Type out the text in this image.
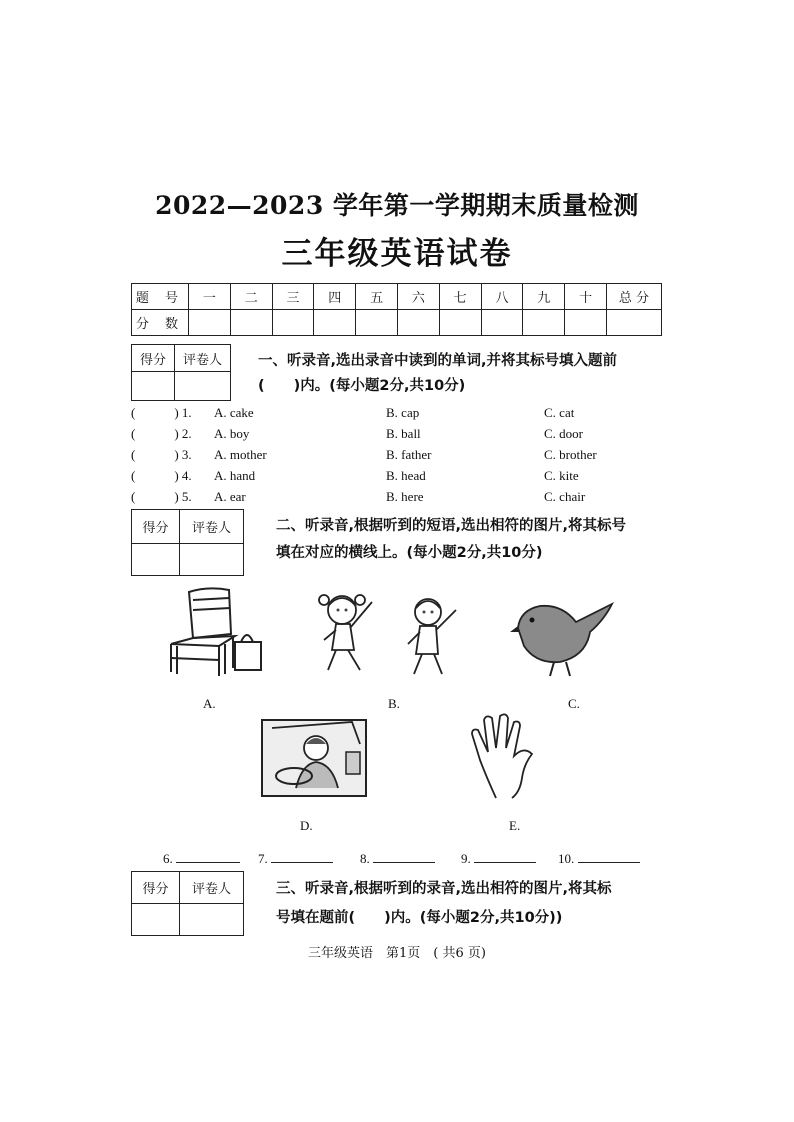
2022—2023 学年第一学期期末质量检测
三年级英语试卷
题 号	一	二	三	四	五	六	七	八	九	十	总 分
分 数											
得分	评卷人
	一、听录音,选出录音中读到的单词,并将其标号填入题前
(　　)内。(每小题2分,共10分)
(　　　) 1. A. cake	B. cap	C. cat
(　　　) 2. A. boy	B. ball	C. door
(　　　) 3. A. mother	B. father	C. brother
(　　　) 4. A. hand	B. head	C. kite
(　　　) 5. A. ear	B. here	C. chair
得分	评卷人
		二、听录音,根据听到的短语,选出相符的图片,将其标号
填在对应的横线上。(每小题2分,共10分)
A.	B.	C.
D.	E.
6.	7.	8.	9.	10.
得分	评卷人
		三、听录音,根据听到的录音,选出相符的图片,将其标
号填在题前(　　)内。(每小题2分,共10分))
三年级英语　第1页　( 共6 页)
